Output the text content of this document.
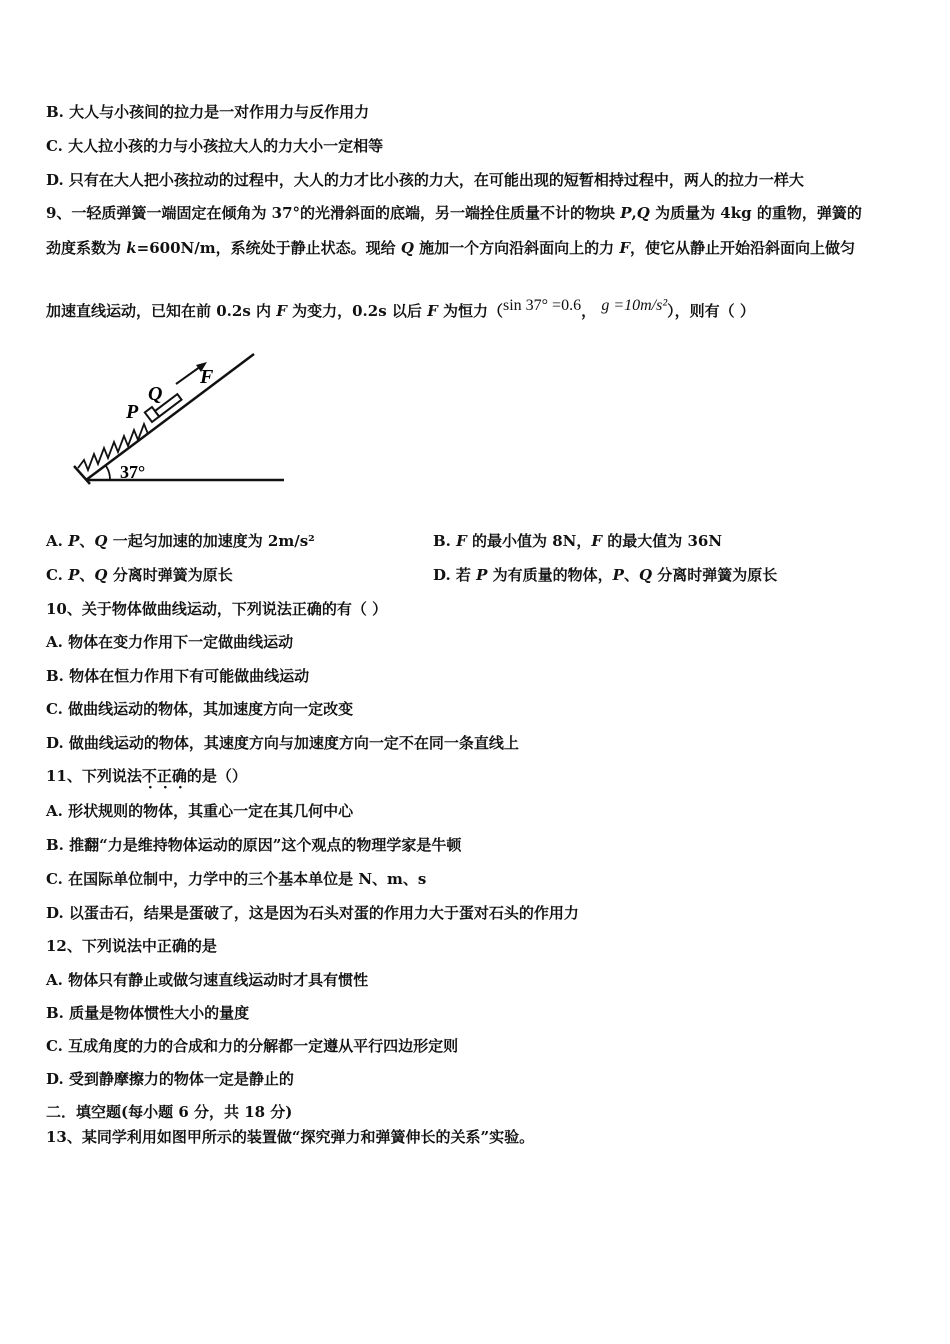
B. 大人与小孩间的拉力是一对作用力与反作用力
C. 大人拉小孩的力与小孩拉大人的力大小一定相等
D. 只有在大人把小孩拉动的过程中，大人的力才比小孩的力大，在可能出现的短暂相持过程中，两人的拉力一样大
9、一轻质弹簧一端固定在倾角为 37°的光滑斜面的底端，另一端拴住质量不计的物块 P,Q 为质量为 4kg 的重物，弹簧的
劲度系数为 k=600N/m，系统处于静止状态。现给 Q 施加一个方向沿斜面向上的力 F，使它从静止开始沿斜面向上做匀
加速直线运动，已知在前 0.2s 内 F 为变力，0.2s 以后 F 为恒力（sin 37° =0.6， g =10m/s²），则有（ ）
37°
P
Q
F
A. P、Q 一起匀加速的加速度为 2m/s²	B. F 的最小值为 8N，F 的最大值为 36N
C. P、Q 分离时弹簧为原长	D. 若 P 为有质量的物体，P、Q 分离时弹簧为原长
10、关于物体做曲线运动，下列说法正确的有（ ）
A. 物体在变力作用下一定做曲线运动
B. 物体在恒力作用下有可能做曲线运动
C. 做曲线运动的物体，其加速度方向一定改变
D. 做曲线运动的物体，其速度方向与加速度方向一定不在同一条直线上
11、下列说法不正确的是（）
A. 形状规则的物体，其重心一定在其几何中心
B. 推翻“力是维持物体运动的原因”这个观点的物理学家是牛顿
C. 在国际单位制中，力学中的三个基本单位是 N、m、s
D. 以蛋击石，结果是蛋破了，这是因为石头对蛋的作用力大于蛋对石头的作用力
12、下列说法中正确的是
A. 物体只有静止或做匀速直线运动时才具有惯性
B. 质量是物体惯性大小的量度
C. 互成角度的力的合成和力的分解都一定遵从平行四边形定则
D. 受到静摩擦力的物体一定是静止的
二．填空题(每小题 6 分，共 18 分)
13、某同学利用如图甲所示的装置做“探究弹力和弹簧伸长的关系”实验。
